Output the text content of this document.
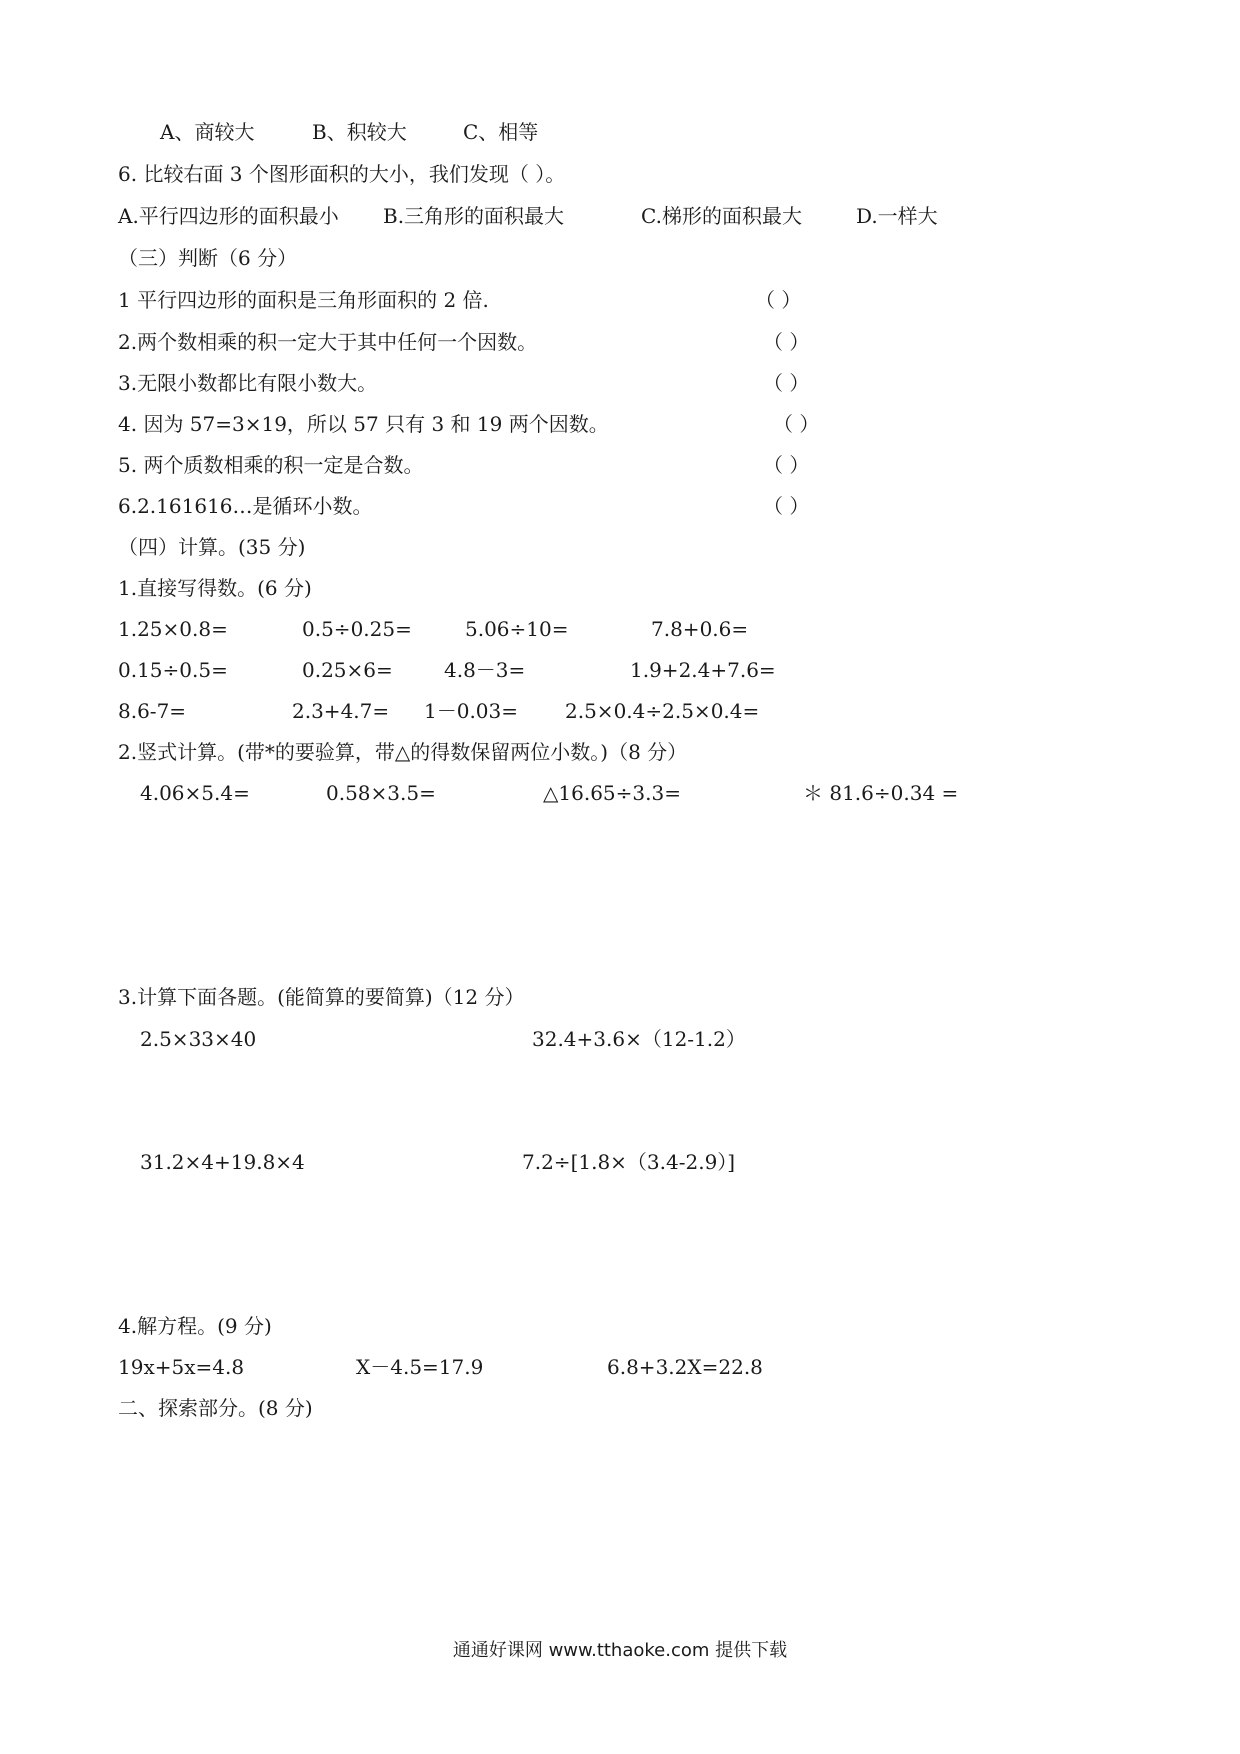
A、商较大	B、积较大	C、相等
6. 比较右面 3 个图形面积的大小，我们发现（ ）。
A.平行四边形的面积最小 B.三角形的面积最大	C.梯形的面积最大	D.一样大
（三）判断（6 分）
1 平行四边形的面积是三角形面积的 2 倍.	（ ）
2.两个数相乘的积一定大于其中任何一个因数。	（ ）
3.无限小数都比有限小数大。	（ ）
4. 因为 57=3×19，所以 57 只有 3 和 19 两个因数。	（ ）
5. 两个质数相乘的积一定是合数。	（ ）
6.2.161616…是循环小数。	（ ）
（四）计算。(35 分)
1.直接写得数。(6 分)
1.25×0.8=	0.5÷0.25=	5.06÷10=	7.8+0.6=
0.15÷0.5=	0.25×6=	4.8－3=	1.9+2.4+7.6=
8.6-7=	2.3+4.7= 1－0.03= 2.5×0.4÷2.5×0.4=
2.竖式计算。(带*的要验算，带△的得数保留两位小数。)（8 分）
4.06×5.4=	0.58×3.5=	△16.65÷3.3=	＊ 81.6÷0.34 =
3.计算下面各题。(能简算的要简算)（12 分）
2.5×33×40	32.4+3.6×（12-1.2）
31.2×4+19.8×4	7.2÷[1.8×（3.4-2.9）]
4.解方程。(9 分)
19x+5x=4.8	X－4.5=17.9	6.8+3.2X=22.8
二、探索部分。(8 分)
通通好课网 www.tthaoke.com 提供下载
